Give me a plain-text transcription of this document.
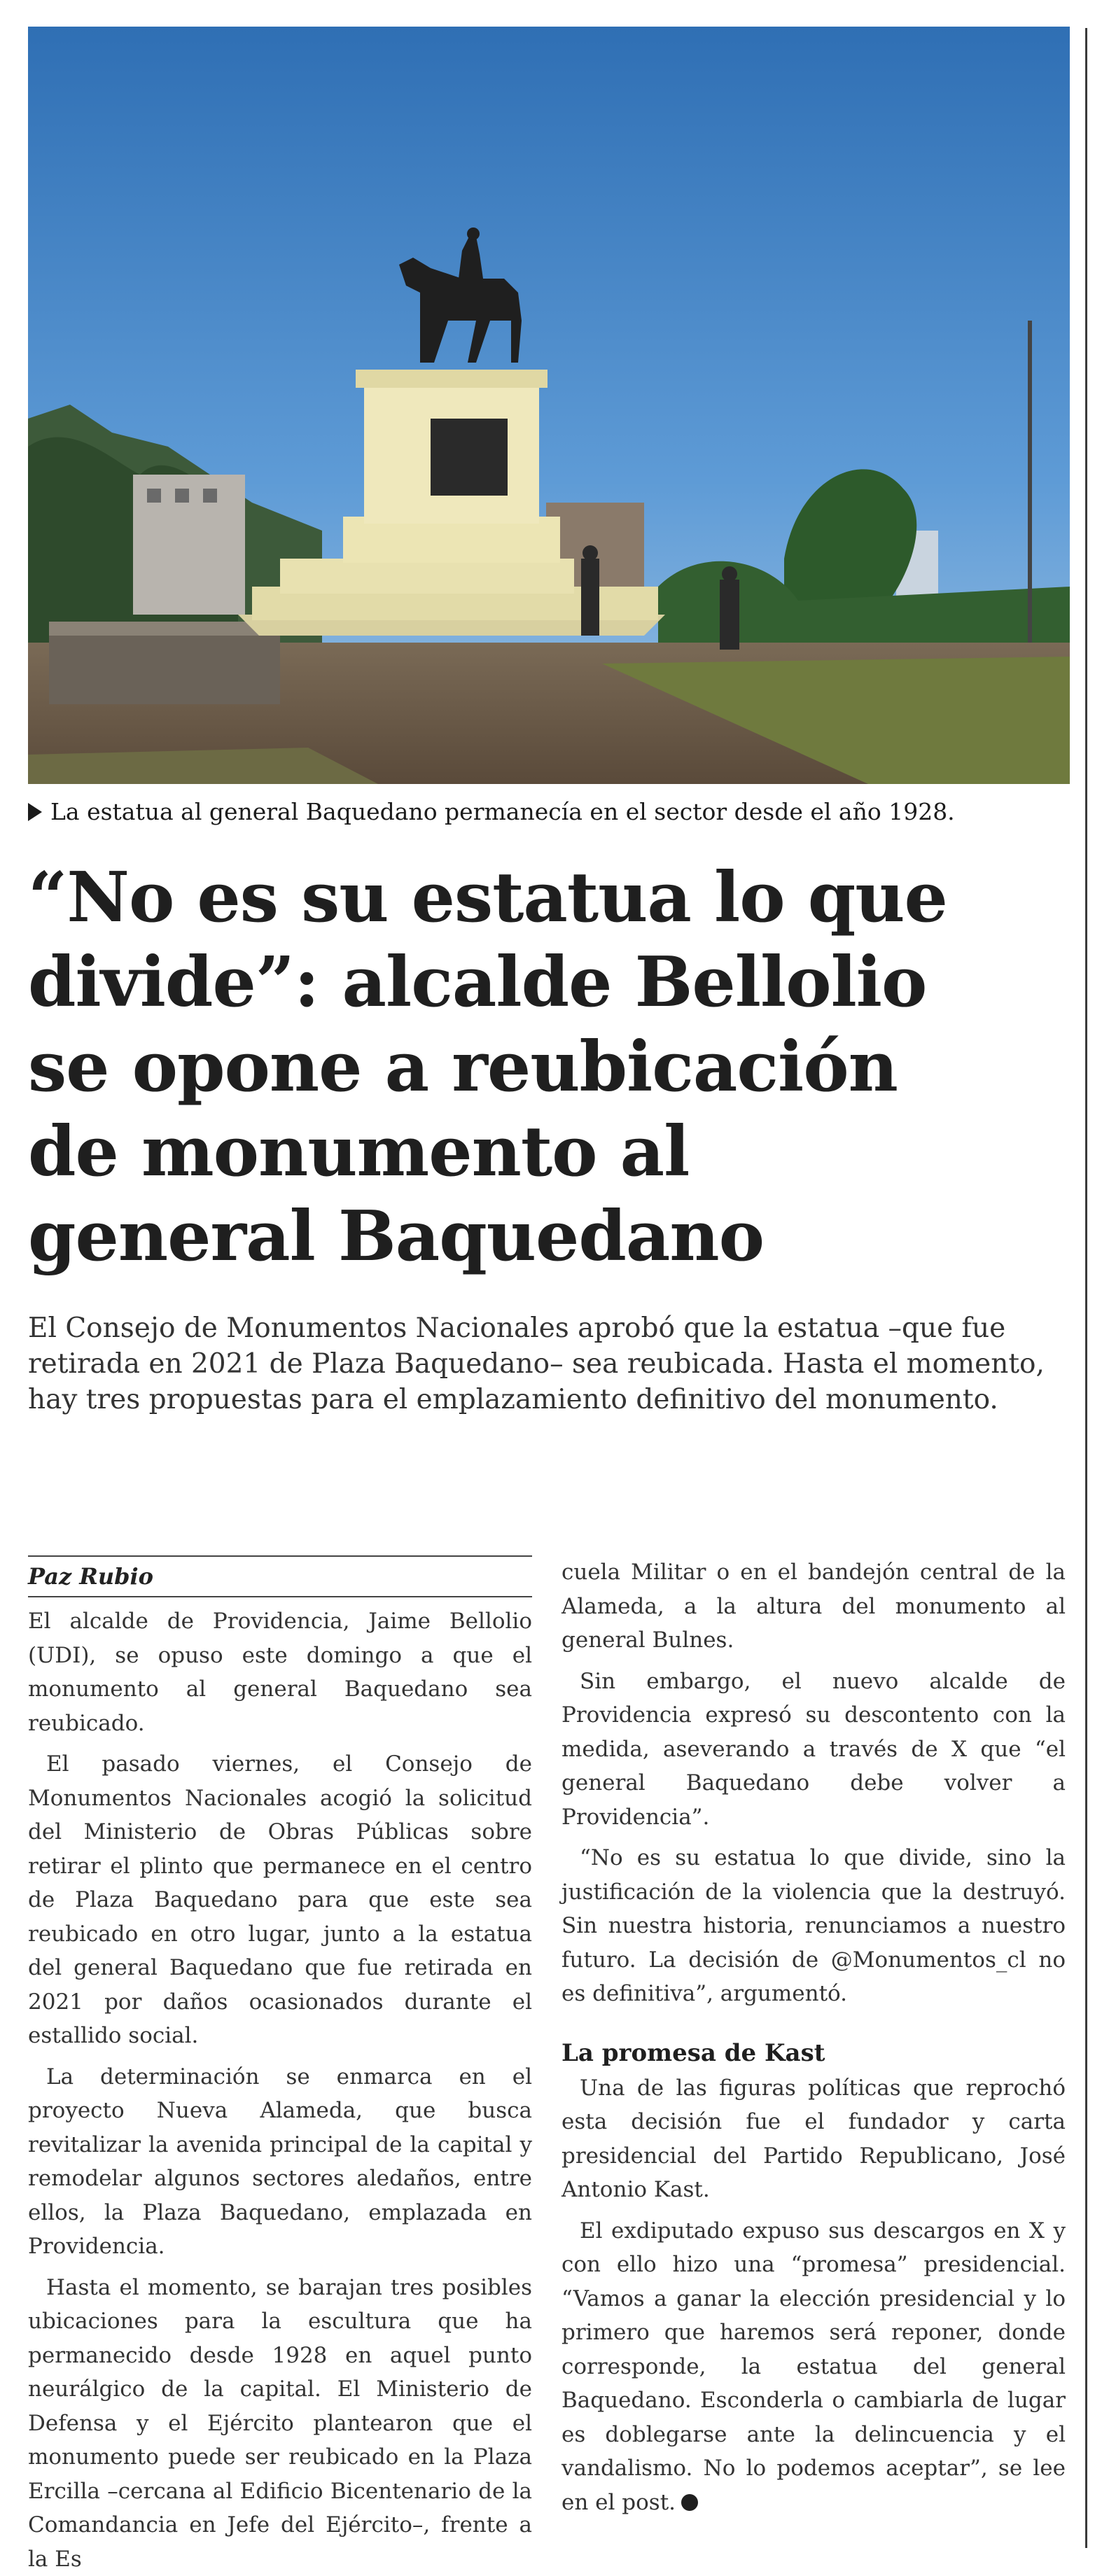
La estatua al general Baquedano permanecía en el sector desde el año 1928.
“No es su estatua lo que
divide”: alcalde Bellolio
se opone a reubicación
de monumento al
general Baquedano

El Consejo de Monumentos Nacionales aprobó que la estatua –que fue
retirada en 2021 de Plaza Baquedano– sea reubicada. Hasta el momento,
hay tres propuestas para el emplazamiento definitivo del monumento.

Paz Rubio

El alcalde de Providencia, Jaime Bellolio (UDI), se opuso este domingo a que el monumento al general Baquedano sea reubicado.

El pasado viernes, el Consejo de Monumentos Nacionales acogió la solicitud del Ministerio de Obras Públicas sobre retirar el plinto que permanece en el centro de Plaza Baquedano para que este sea reubicado en otro lugar, junto a la estatua del general Baquedano que fue retirada en 2021 por daños ocasionados durante el estallido social.

La determinación se enmarca en el proyecto Nueva Alameda, que busca revitalizar la avenida principal de la capital y remodelar algunos sectores aledaños, entre ellos, la Plaza Baquedano, emplazada en Providencia.

Hasta el momento, se barajan tres posibles ubicaciones para la escultura que ha permanecido desde 1928 en aquel punto neurálgico de la capital. El Ministerio de Defensa y el Ejército plantearon que el monumento puede ser reubicado en la Plaza Ercilla –cercana al Edificio Bicentenario de la Comandancia en Jefe del Ejército–, frente a la Es

cuela Militar o en el bandejón central de la Alameda, a la altura del monumento al general Bulnes.

Sin embargo, el nuevo alcalde de Providencia expresó su descontento con la medida, aseverando a través de X que “el general Baquedano debe volver a Providencia”.

“No es su estatua lo que divide, sino la justificación de la violencia que la destruyó. Sin nuestra historia, renunciamos a nuestro futuro. La decisión de @Monumentos_cl no es definitiva”, argumentó.

La promesa de Kast

Una de las figuras políticas que reprochó esta decisión fue el fundador y carta presidencial del Partido Republicano, José Antonio Kast.

El exdiputado expuso sus descargos en X y con ello hizo una “promesa” presidencial. “Vamos a ganar la elección presidencial y lo primero que haremos será reponer, donde corresponde, la estatua del general Baquedano. Esconderla o cambiarla de lugar es doblegarse ante la delincuencia y el vandalismo. No lo podemos aceptar”, se lee en el post.
